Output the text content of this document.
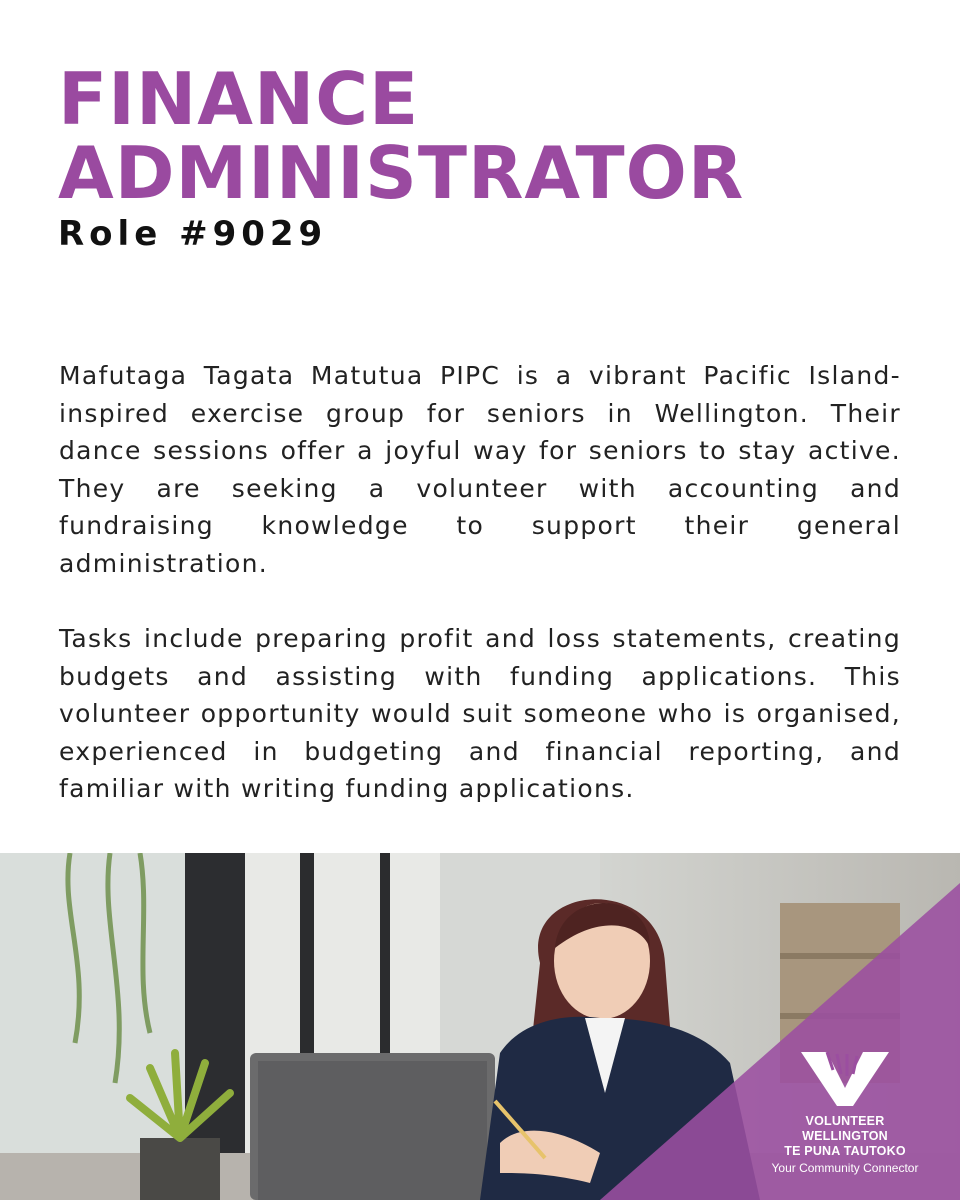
FINANCE
ADMINISTRATOR
Role #9029

Mafutaga Tagata Matutua PIPC is a vibrant Pacific Island-inspired exercise group for seniors in Wellington. Their dance sessions offer a joyful way for seniors to stay active. They are seeking a volunteer with accounting and fundraising knowledge to support their general administration.

Tasks include preparing profit and loss statements, creating budgets and assisting with funding applications. This volunteer opportunity would suit someone who is organised, experienced in budgeting and financial reporting, and familiar with writing funding applications.

VOLUNTEER WELLINGTON
TE PUNA TAUTOKO
Your Community Connector
